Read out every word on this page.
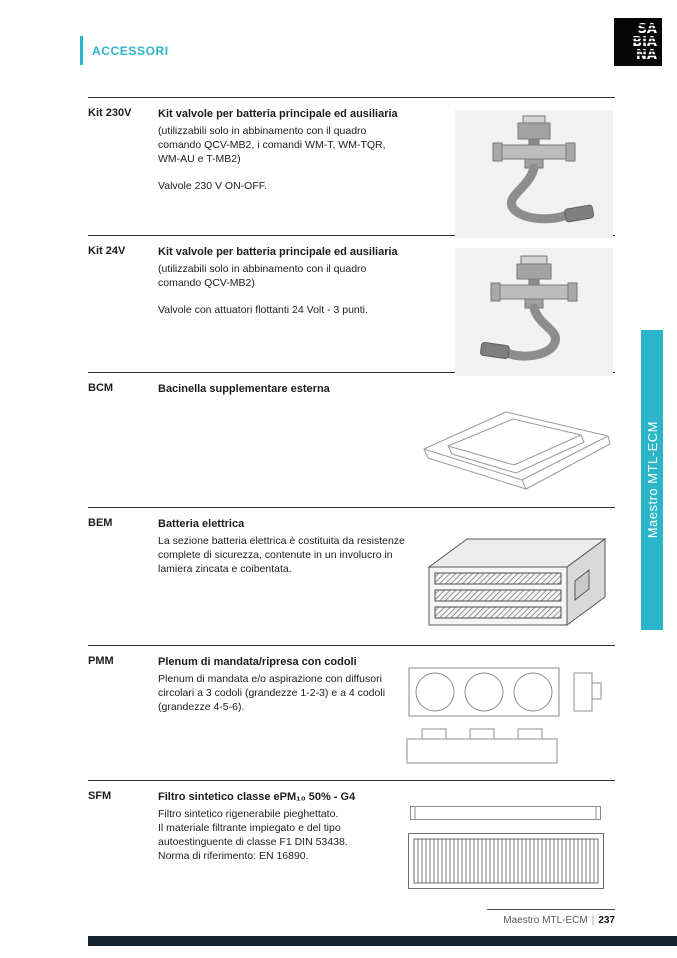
ACCESSORI
SA
BIA
NA
Maestro MTL-ECM
Kit 230V	Kit valvole per batteria principale ed ausiliaria

(utilizzabili solo in abbinamento con il quadro comando QCV-MB2, i comandi WM-T, WM-TQR, WM-AU e T-MB2)

Valvole 230 V ON-OFF.

Kit 24V	Kit valvole per batteria principale ed ausiliaria

(utilizzabili solo in abbinamento con il quadro comando QCV-MB2)

Valvole con attuatori flottanti 24 Volt - 3 punti.

BCM	Bacinella supplementare esterna
BEM	Batteria elettrica

La sezione batteria elettrica è costituita da resistenze complete di sicurezza, contenute in un involucro in lamiera zincata e coibentata.

PMM	Plenum di mandata/ripresa con codoli

Plenum di mandata e/o aspirazione con diffusori circolari a 3 codoli (grandezze 1-2-3) e a 4 codoli (grandezze 4-5-6).

SFM	Filtro sintetico classe ePM₁₀ 50% - G4

Filtro sintetico rigenerabile pieghettato.

Il materiale filtrante impiegato e del tipo autoestinguente di classe F1 DIN 53438.

Norma di riferimento: EN 16890.

Maestro MTL-ECM | 237
